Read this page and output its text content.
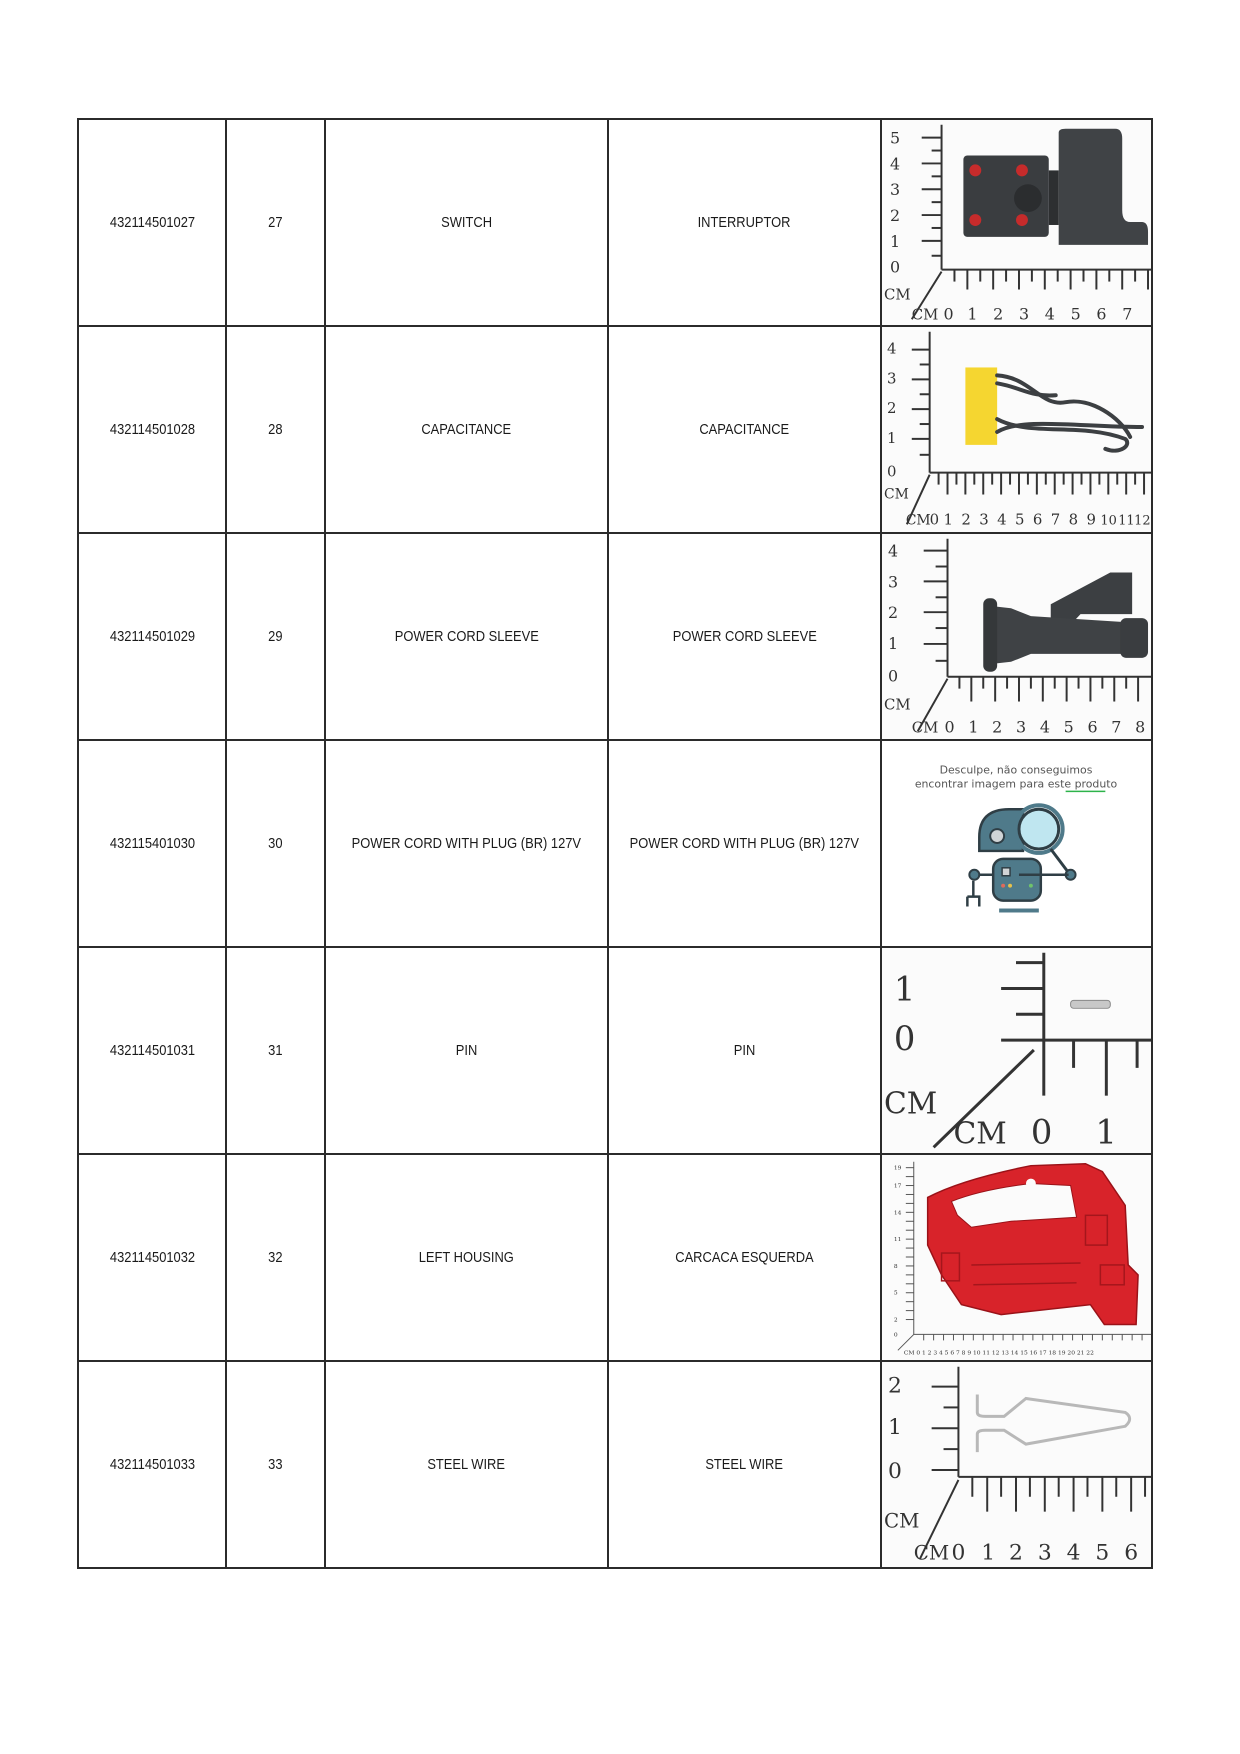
432114501027	27	SWITCH	INTERRUPTOR	
5
4
3
2
1
0
CM
CM 0 1 2 3 4 5 6 7

432114501028	28	CAPACITANCE	CAPACITANCE	
4
3
2
1
0
CM
CM
0 1 2 3 4 5 6 7 8 9 10 11 12

432114501029	29	POWER CORD SLEEVE	POWER CORD SLEEVE	
4
3
2
1
0
CM
CM 0 1 2 3 4 5 6 7 8

432115401030	30	POWER CORD WITH PLUG (BR) 127V	POWER CORD WITH PLUG (BR) 127V	Desculpe, não conseguimos
encontrar imagem para este produto

432114501031	31	PIN	PIN	
1
0
CM
CM 0 1

432114501032	32	LEFT HOUSING	CARCACA ESQUERDA	
19
17
14
11
8
5
2
0
CM 0 1 2 3 4 5 6 7 8 9 10 11 12 13 14 15 16 17 18 19 20 21 22

432114501033	33	STEEL WIRE	STEEL WIRE	
2
1
0
CM
CM 0 1 2 3 4 5 6
